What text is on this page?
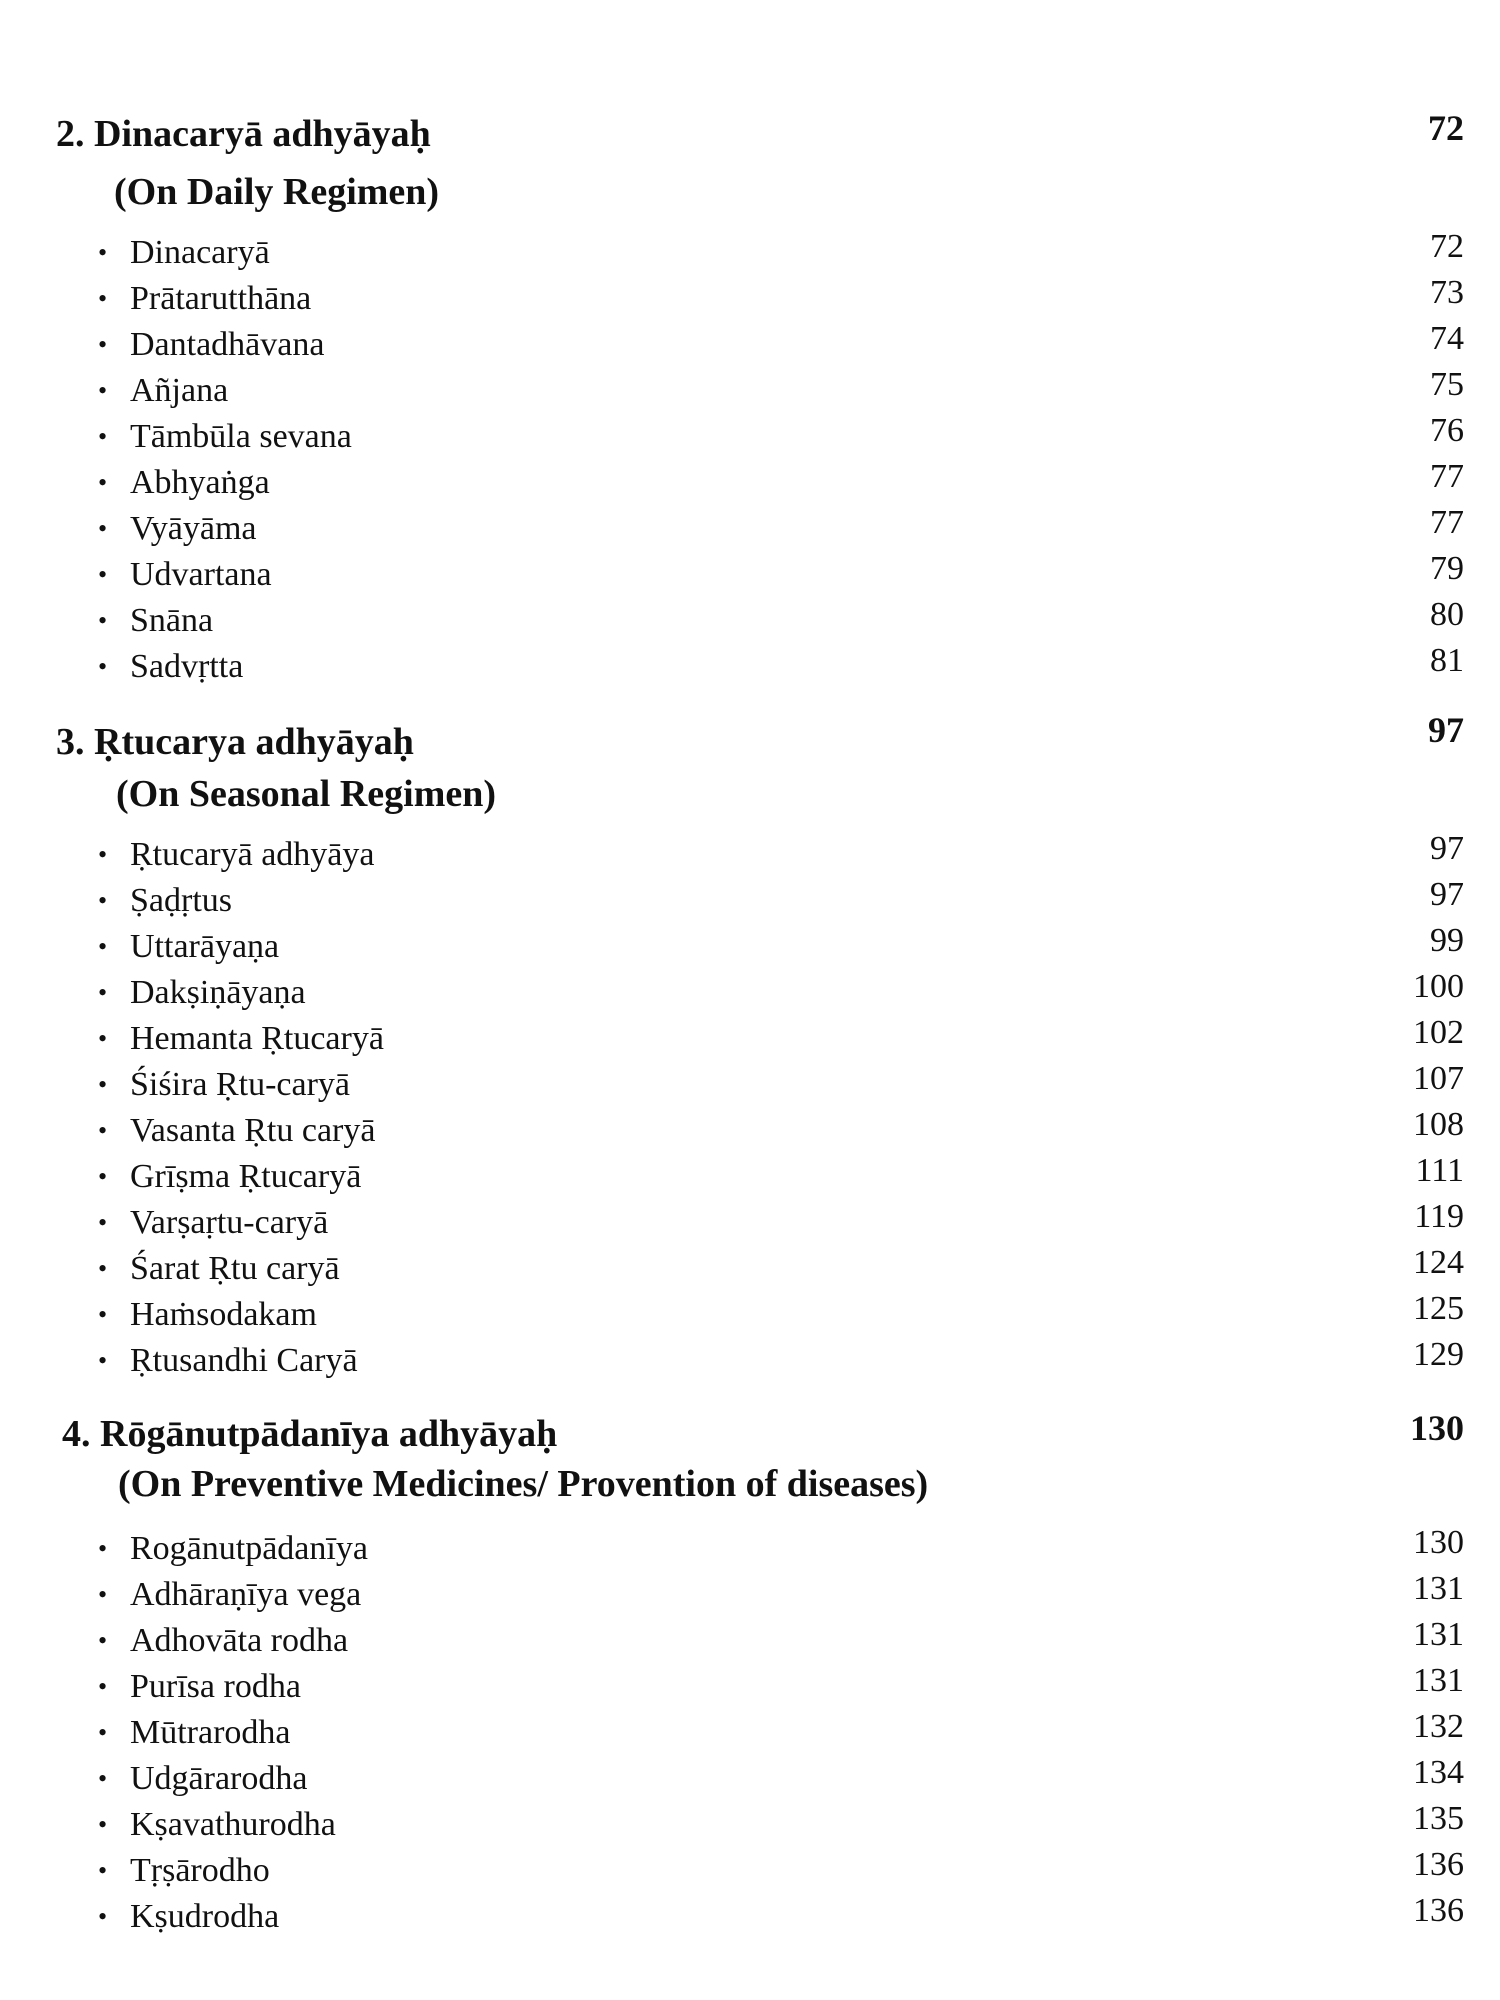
2. Dinacaryā adhyāyaḥ	72
(On Daily Regimen)
• Dinacaryā	72
• Prātarutthāna	73
• Dantadhāvana	74
• Añjana	75
• Tāmbūla sevana	76
• Abhyaṅga	77
• Vyāyāma	77
• Udvartana	79
• Snāna	80
• Sadvṛtta	81
3. Ṛtucarya adhyāyaḥ	97
(On Seasonal Regimen)
• Ṛtucaryā adhyāya	97
• Ṣaḍṛtus	97
• Uttarāyaṇa	99
• Dakṣiṇāyaṇa	100
• Hemanta Ṛtucaryā	102
• Śiśira Ṛtu-caryā	107
• Vasanta Ṛtu caryā	108
• Grīṣma Ṛtucaryā	111
• Varṣaṛtu-caryā	119
• Śarat Ṛtu caryā	124
• Haṁsodakam	125
• Ṛtusandhi Caryā	129
4. Rōgānutpādanīya adhyāyaḥ	130
(On Preventive Medicines/ Provention of diseases)
• Rogānutpādanīya	130
• Adhāraṇīya vega	131
• Adhovāta rodha	131
• Purīsa rodha	131
• Mūtrarodha	132
• Udgārarodha	134
• Kṣavathurodha	135
• Tṛṣārodho	136
• Kṣudrodha	136
